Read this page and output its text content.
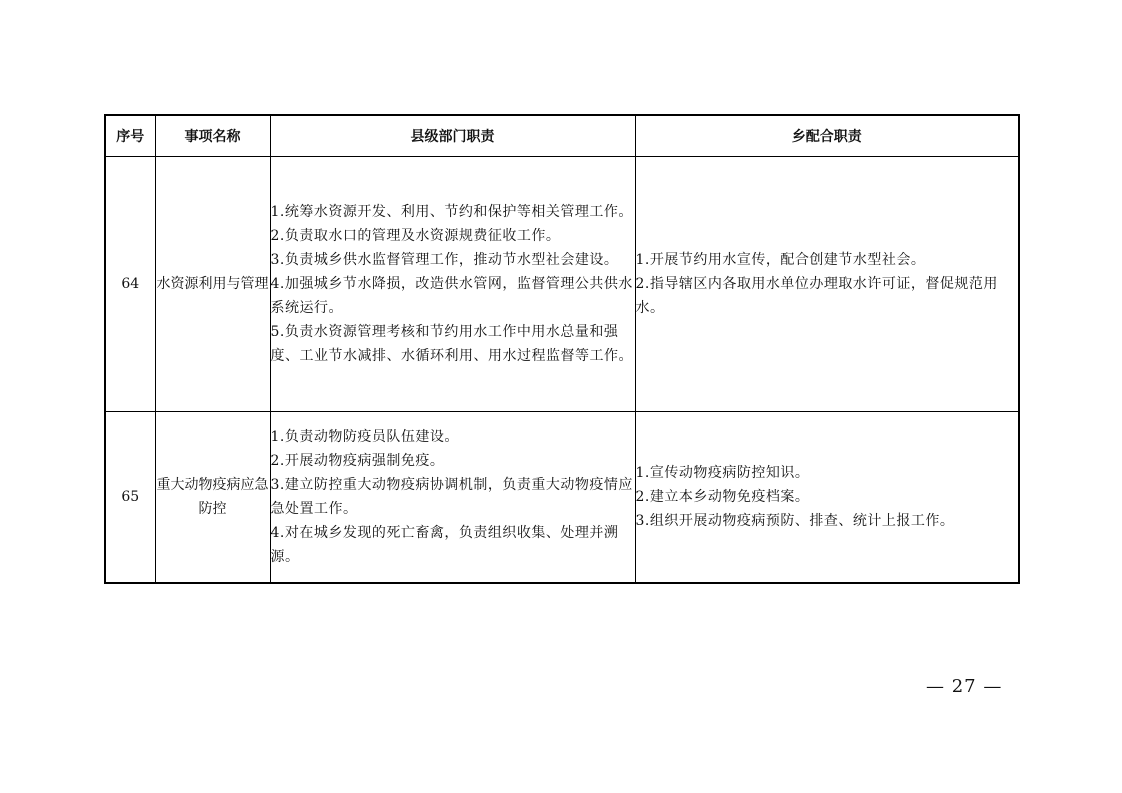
序号	事项名称	县级部门职责	乡配合职责
64	水资源利用与管理	1.统筹水资源开发、利用、节约和保护等相关管理工作。
2.负责取水口的管理及水资源规费征收工作。
3.负责城乡供水监督管理工作，推动节水型社会建设。
4.加强城乡节水降损，改造供水管网，监督管理公共供水系统运行。
5.负责水资源管理考核和节约用水工作中用水总量和强度、工业节水减排、水循环利用、用水过程监督等工作。	1.开展节约用水宣传，配合创建节水型社会。
2.指导辖区内各取用水单位办理取水许可证，督促规范用水。

65	重大动物疫病应急防控	1.负责动物防疫员队伍建设。
2.开展动物疫病强制免疫。
3.建立防控重大动物疫病协调机制，负责重大动物疫情应急处置工作。
4.对在城乡发现的死亡畜禽，负责组织收集、处理并溯源。	1.宣传动物疫病防控知识。
2.建立本乡动物免疫档案。
3.组织开展动物疫病预防、排查、统计上报工作。
— 27 —
